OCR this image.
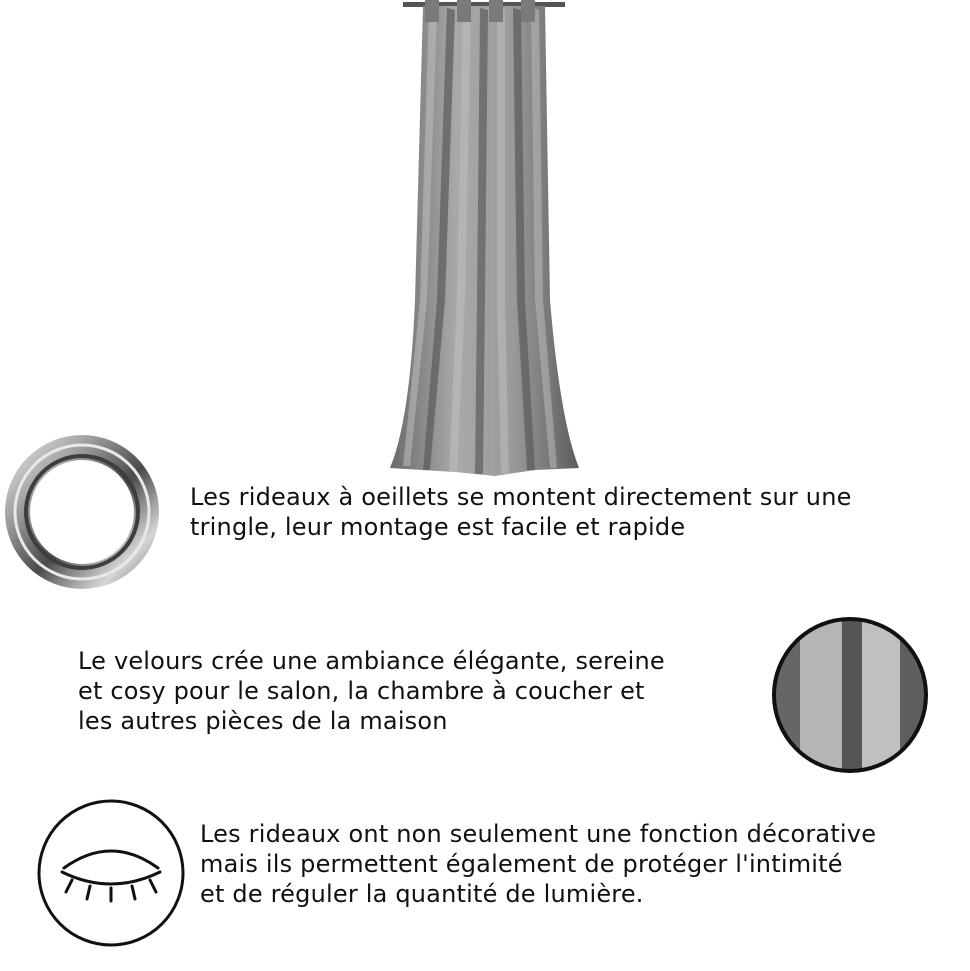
Les rideaux à oeillets se montent directement sur une
tringle, leur montage est facile et rapide
Le velours crée une ambiance élégante, sereine
et cosy pour le salon, la chambre à coucher et
les autres pièces de la maison
Les rideaux ont non seulement une fonction décorative
mais ils permettent également de protéger l'intimité
et de réguler la quantité de lumière.
